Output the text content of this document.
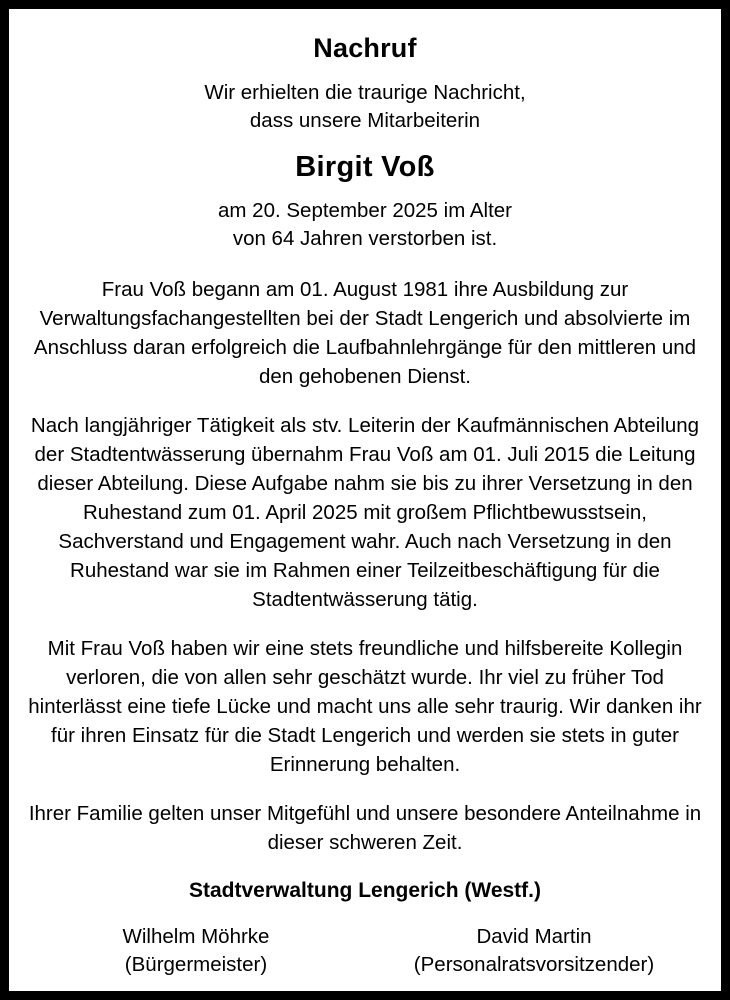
Nachruf
Wir erhielten die traurige Nachricht,
dass unsere Mitarbeiterin
Birgit Voß
am 20. September 2025 im Alter
von 64 Jahren verstorben ist.
Frau Voß begann am 01. August 1981 ihre Ausbildung zur Verwaltungsfachangestellten bei der Stadt Lengerich und absolvierte im Anschluss daran erfolgreich die Laufbahnlehrgänge für den mittleren und den gehobenen Dienst.
Nach langjähriger Tätigkeit als stv. Leiterin der Kaufmännischen Abteilung der Stadtentwässerung übernahm Frau Voß am 01. Juli 2015 die Leitung dieser Abteilung. Diese Aufgabe nahm sie bis zu ihrer Versetzung in den Ruhestand zum 01. April 2025 mit großem Pflichtbewusstsein, Sachverstand und Engagement wahr. Auch nach Versetzung in den Ruhestand war sie im Rahmen einer Teilzeitbeschäftigung für die Stadtentwässerung tätig.
Mit Frau Voß haben wir eine stets freundliche und hilfsbereite Kollegin verloren, die von allen sehr geschätzt wurde. Ihr viel zu früher Tod hinterlässt eine tiefe Lücke und macht uns alle sehr traurig. Wir danken ihr für ihren Einsatz für die Stadt Lengerich und werden sie stets in guter Erinnerung behalten.
Ihrer Familie gelten unser Mitgefühl und unsere besondere Anteilnahme in dieser schweren Zeit.
Stadtverwaltung Lengerich (Westf.)
Wilhelm Möhrke
(Bürgermeister)
David Martin
(Personalratsvorsitzender)
